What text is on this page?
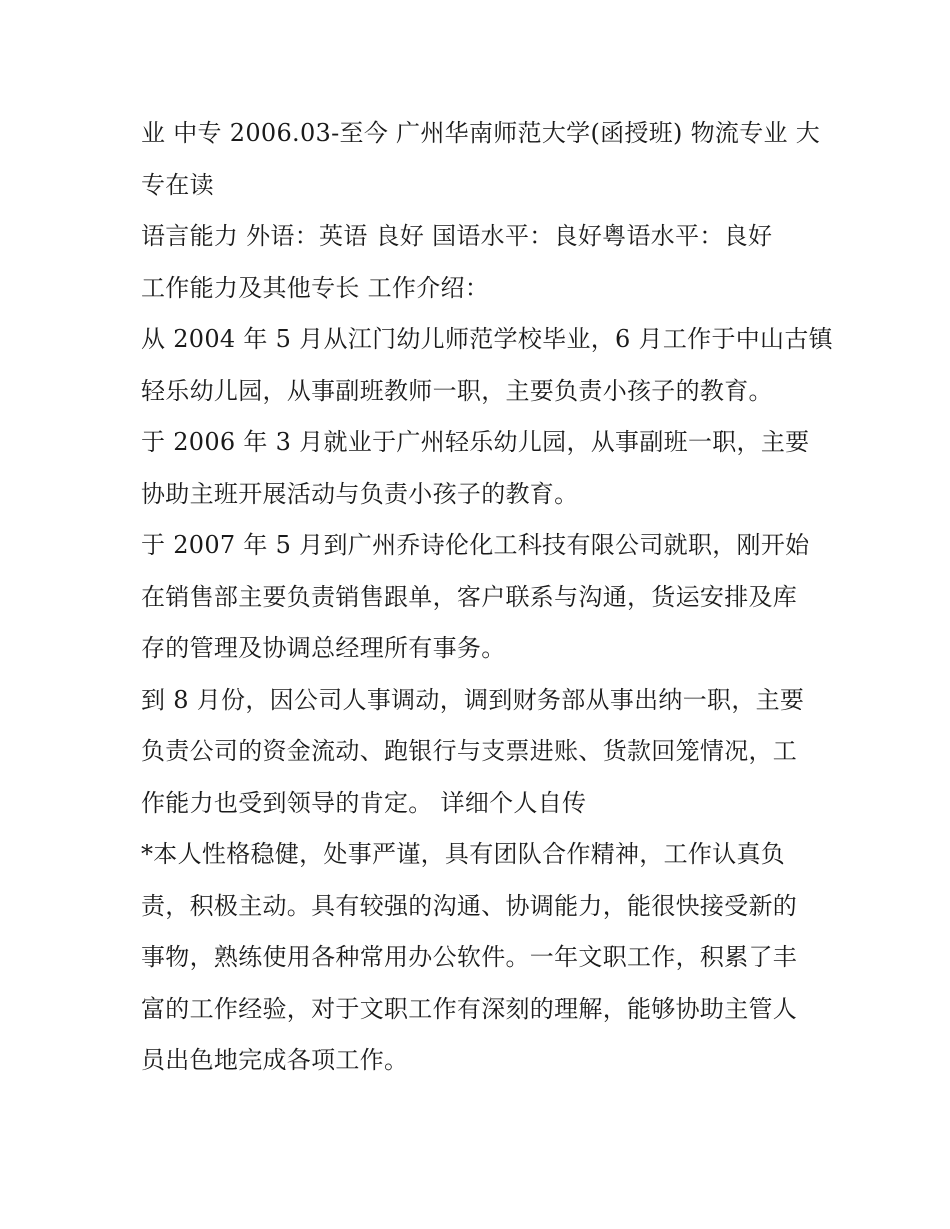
业 中专 2006.03-至今 广州华南师范大学(函授班) 物流专业 大
专在读
语言能力 外语：英语 良好 国语水平：良好粤语水平：良好
工作能力及其他专长 工作介绍：
从 2004 年 5 月从江门幼儿师范学校毕业，6 月工作于中山古镇
轻乐幼儿园，从事副班教师一职，主要负责小孩子的教育。
于 2006 年 3 月就业于广州轻乐幼儿园，从事副班一职，主要
协助主班开展活动与负责小孩子的教育。
于 2007 年 5 月到广州乔诗伦化工科技有限公司就职，刚开始
在销售部主要负责销售跟单，客户联系与沟通，货运安排及库
存的管理及协调总经理所有事务。
到 8 月份，因公司人事调动，调到财务部从事出纳一职，主要
负责公司的资金流动、跑银行与支票进账、货款回笼情况，工
作能力也受到领导的肯定。 详细个人自传
*本人性格稳健，处事严谨，具有团队合作精神，工作认真负
责，积极主动。具有较强的沟通、协调能力，能很快接受新的
事物，熟练使用各种常用办公软件。一年文职工作，积累了丰
富的工作经验，对于文职工作有深刻的理解，能够协助主管人
员出色地完成各项工作。
